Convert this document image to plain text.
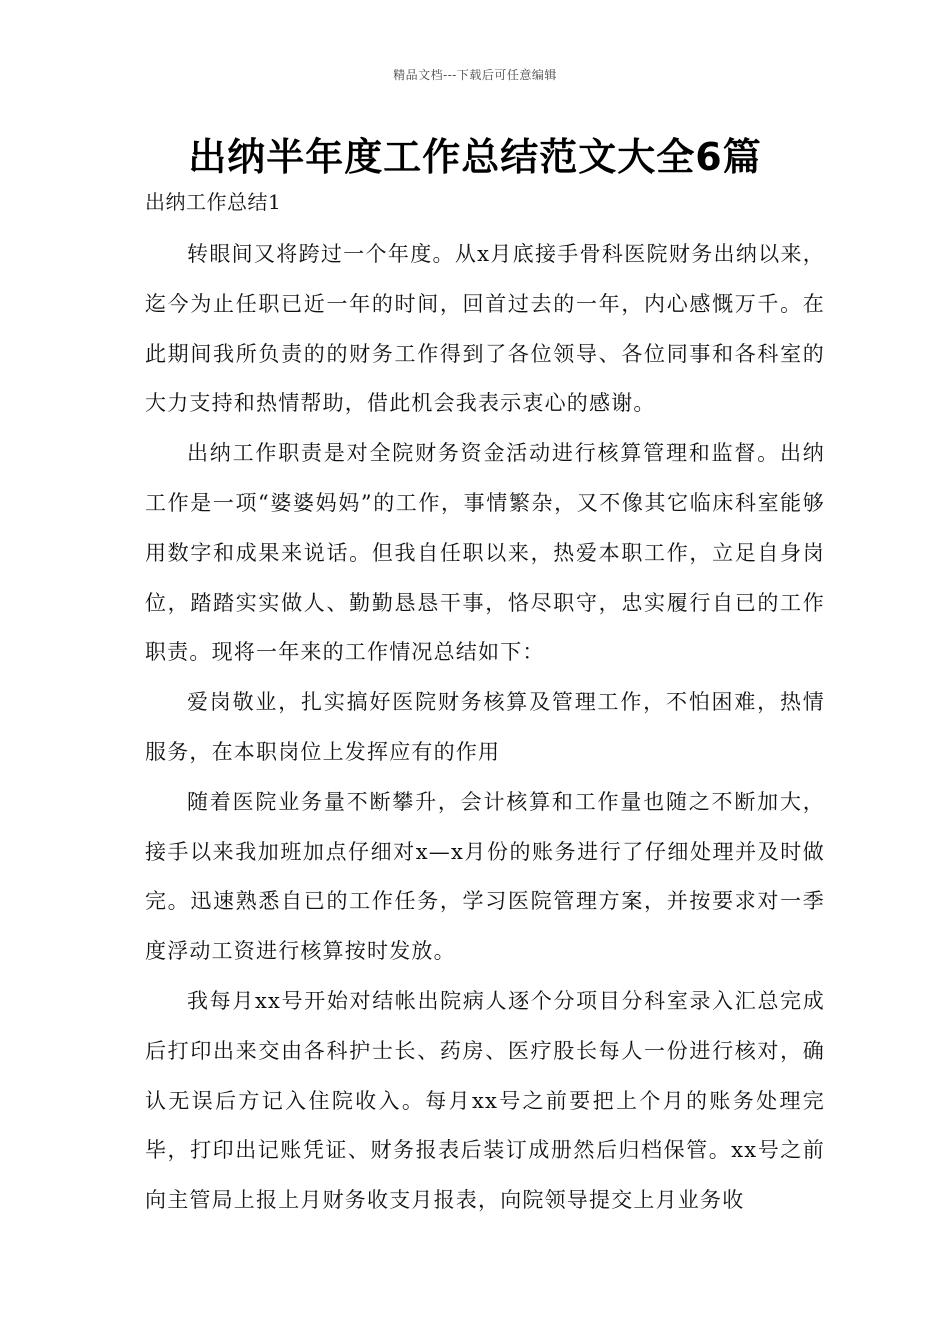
精品文档---下载后可任意编辑
出纳半年度工作总结范文大全6篇
出纳工作总结1

转眼间又将跨过一个年度。从x月底接手骨科医院财务出纳以来，迄今为止任职已近一年的时间，回首过去的一年，内心感慨万千。在此期间我所负责的的财务工作得到了各位领导、各位同事和各科室的大力支持和热情帮助，借此机会我表示衷心的感谢。

出纳工作职责是对全院财务资金活动进行核算管理和监督。出纳工作是一项“婆婆妈妈”的工作，事情繁杂，又不像其它临床科室能够用数字和成果来说话。但我自任职以来，热爱本职工作，立足自身岗位，踏踏实实做人、勤勤恳恳干事，恪尽职守，忠实履行自已的工作职责。现将一年来的工作情况总结如下：

爱岗敬业，扎实搞好医院财务核算及管理工作，不怕困难，热情服务，在本职岗位上发挥应有的作用

随着医院业务量不断攀升，会计核算和工作量也随之不断加大，接手以来我加班加点仔细对x—x月份的账务进行了仔细处理并及时做完。迅速熟悉自已的工作任务，学习医院管理方案，并按要求对一季度浮动工资进行核算按时发放。

我每月xx号开始对结帐出院病人逐个分项目分科室录入汇总完成后打印出来交由各科护士长、药房、医疗股长每人一份进行核对，确认无误后方记入住院收入。每月xx号之前要把上个月的账务处理完毕，打印出记账凭证、财务报表后装订成册然后归档保管。xx号之前向主管局上报上月财务收支月报表，向院领导提交上月业务收
